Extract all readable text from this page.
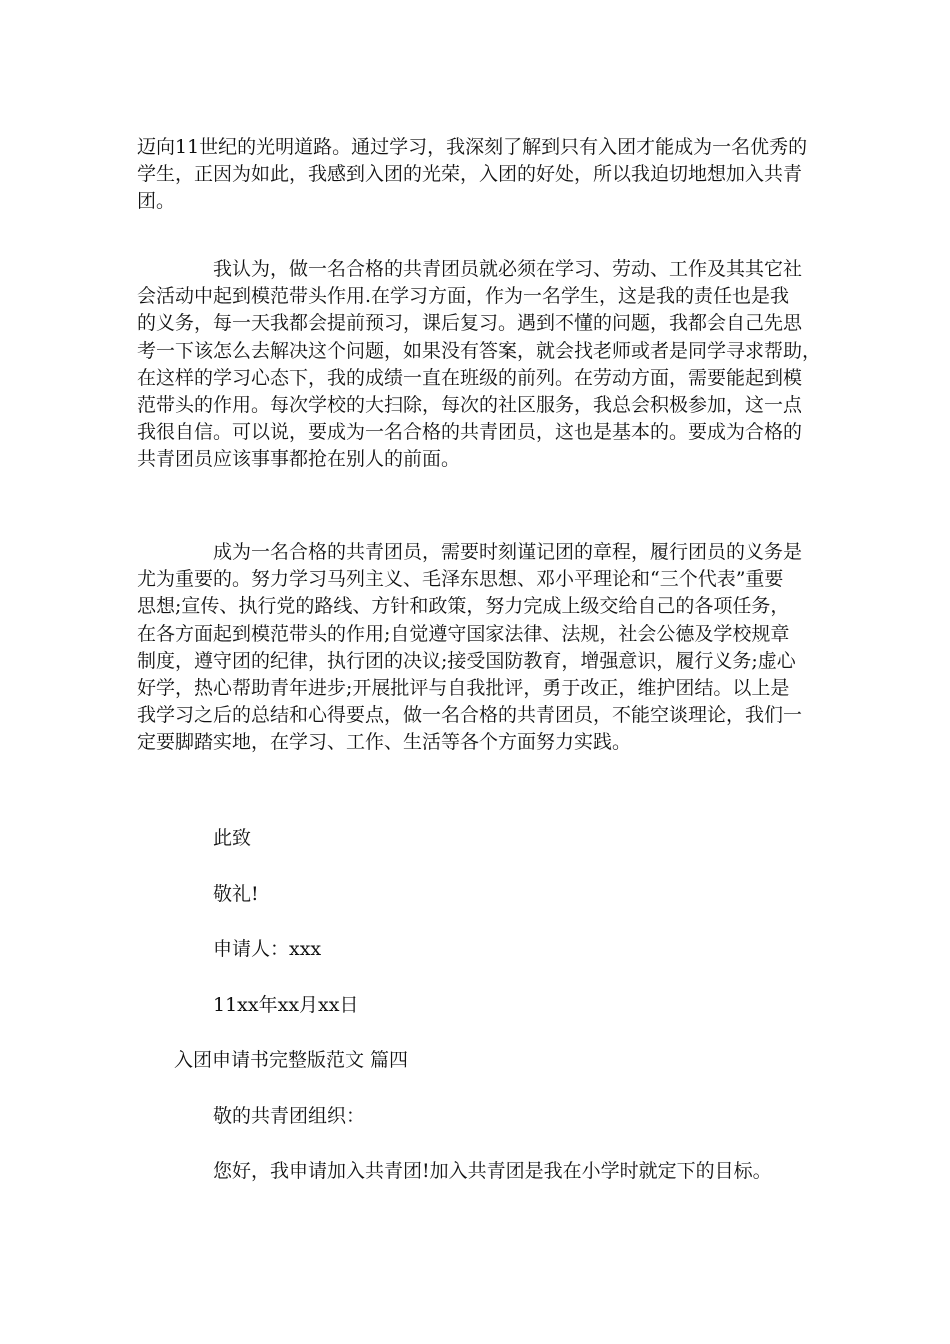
迈向11世纪的光明道路。通过学习，我深刻了解到只有入团才能成为一名优秀的
学生，正因为如此，我感到入团的光荣，入团的好处，所以我迫切地想加入共青
团。
　　　　我认为，做一名合格的共青团员就必须在学习、劳动、工作及其其它社
会活动中起到模范带头作用.在学习方面，作为一名学生，这是我的责任也是我
的义务，每一天我都会提前预习，课后复习。遇到不懂的问题，我都会自己先思
考一下该怎么去解决这个问题，如果没有答案，就会找老师或者是同学寻求帮助，
在这样的学习心态下，我的成绩一直在班级的前列。在劳动方面，需要能起到模
范带头的作用。每次学校的大扫除，每次的社区服务，我总会积极参加，这一点
我很自信。可以说，要成为一名合格的共青团员，这也是基本的。要成为合格的
共青团员应该事事都抢在别人的前面。
　　　　成为一名合格的共青团员，需要时刻谨记团的章程，履行团员的义务是
尤为重要的。努力学习马列主义、毛泽东思想、邓小平理论和“三个代表”重要
思想;宣传、执行党的路线、方针和政策，努力完成上级交给自己的各项任务，
在各方面起到模范带头的作用;自觉遵守国家法律、法规，社会公德及学校规章
制度，遵守团的纪律，执行团的决议;接受国防教育，增强意识，履行义务;虚心
好学，热心帮助青年进步;开展批评与自我批评，勇于改正，维护团结。以上是
我学习之后的总结和心得要点，做一名合格的共青团员，不能空谈理论，我们一
定要脚踏实地，在学习、工作、生活等各个方面努力实践。
此致
敬礼!
申请人：xxx
11xx年xx月xx日
入团申请书完整版范文 篇四
敬的共青团组织：
您好，我申请加入共青团!加入共青团是我在小学时就定下的目标。
